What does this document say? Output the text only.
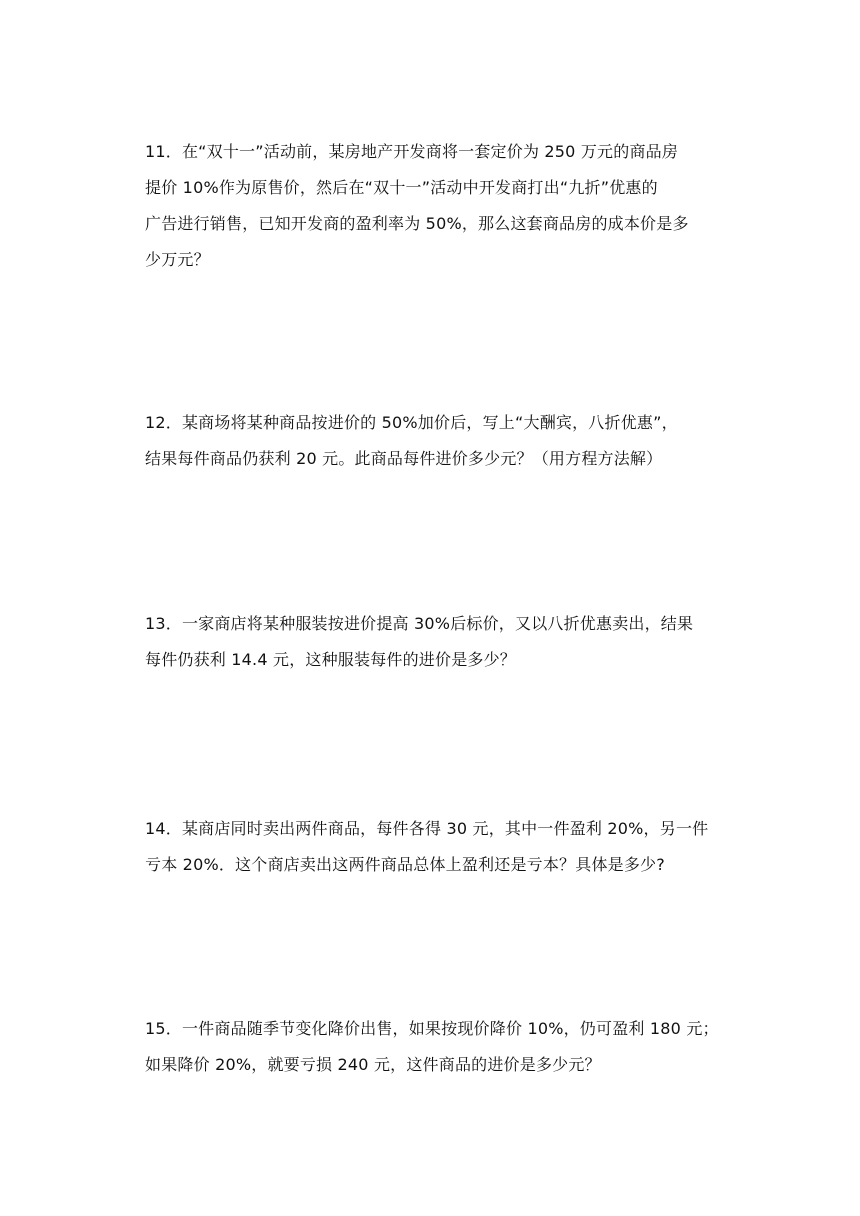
11．在“双十一”活动前，某房地产开发商将一套定价为 250 万元的商品房
提价 10%作为原售价，然后在“双十一”活动中开发商打出“九折”优惠的
广告进行销售，已知开发商的盈利率为 50%，那么这套商品房的成本价是多
少万元？
12．某商场将某种商品按进价的 50%加价后，写上“大酬宾，八折优惠”，
结果每件商品仍获利 20 元。此商品每件进价多少元？（用方程方法解）
13．一家商店将某种服装按进价提高 30%后标价，又以八折优惠卖出，结果
每件仍获利 14.4 元，这种服装每件的进价是多少？
14．某商店同时卖出两件商品，每件各得 30 元，其中一件盈利 20%，另一件
亏本 20%．这个商店卖出这两件商品总体上盈利还是亏本？具体是多少?
15．一件商品随季节变化降价出售，如果按现价降价 10%，仍可盈利 180 元；
如果降价 20%，就要亏损 240 元，这件商品的进价是多少元？
